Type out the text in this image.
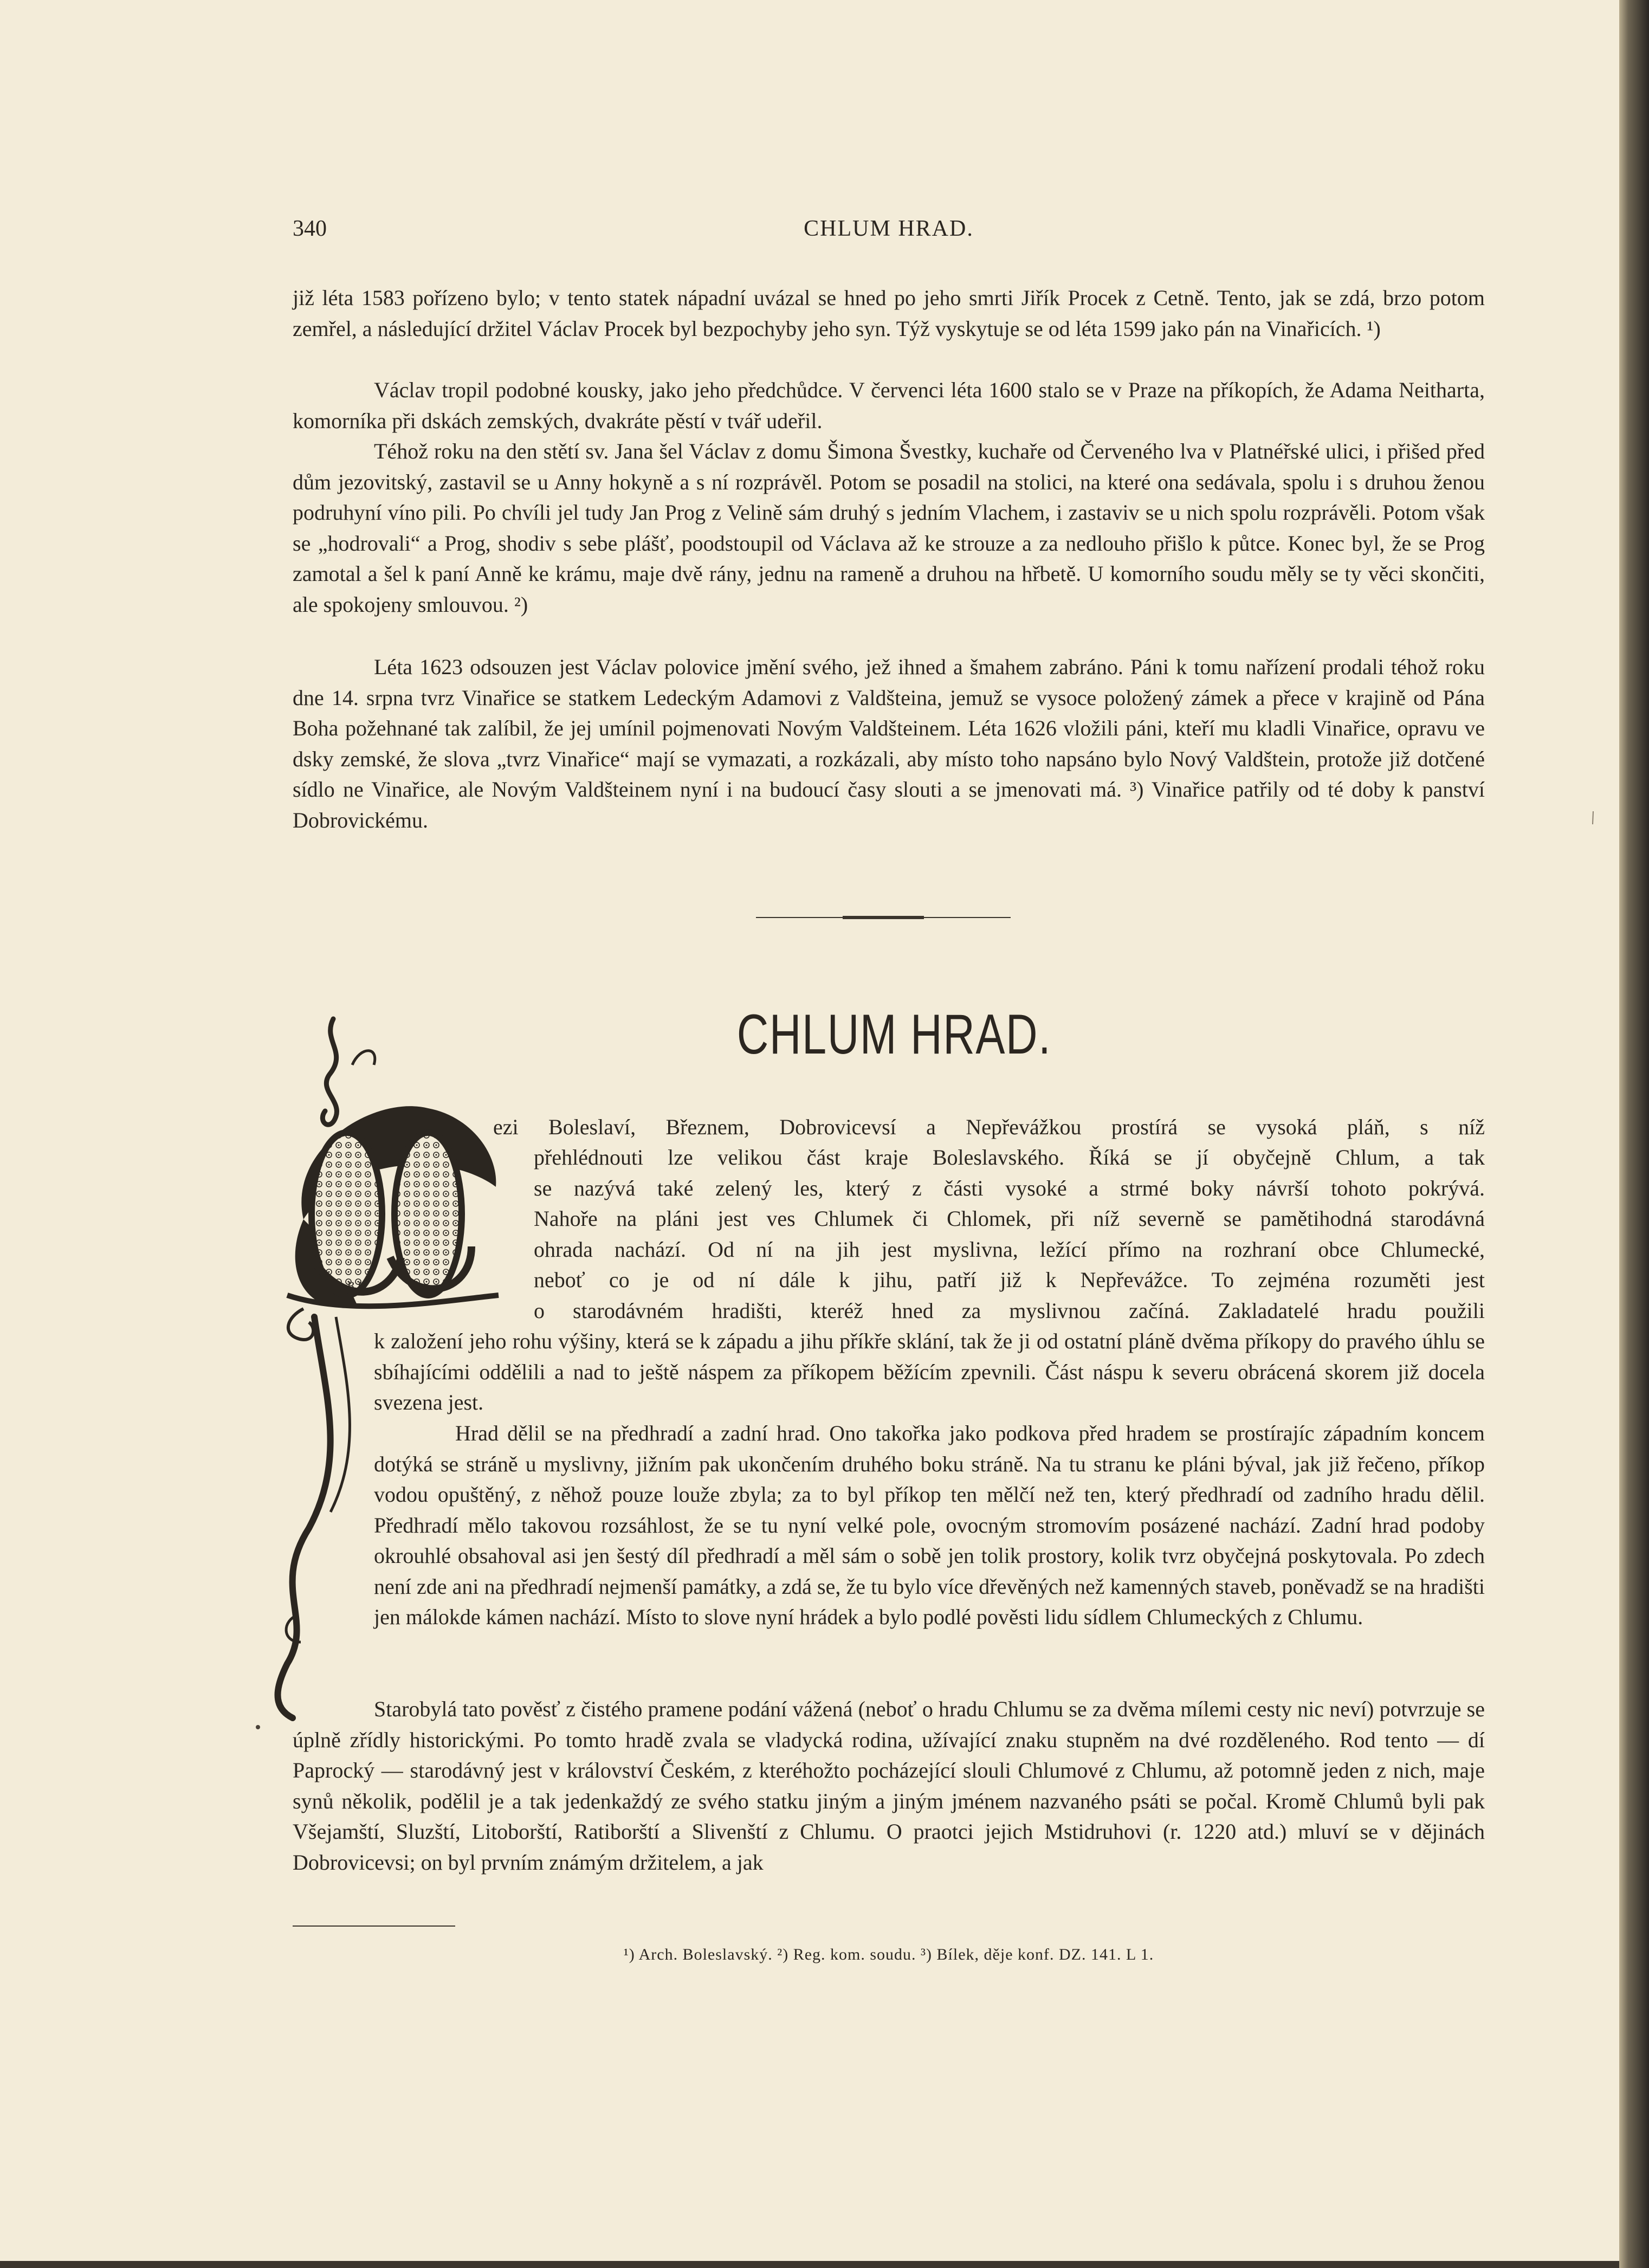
340	CHLUM HRAD.

již léta 1583 pořízeno bylo; v tento statek nápadní uvázal se hned po jeho smrti Jiřík Procek z Cetně. Tento, jak se zdá, brzo potom zemřel, a následující držitel Václav Procek byl bezpochyby jeho syn. Týž vyskytuje se od léta 1599 jako pán na Vinařicích. ¹)

Václav tropil podobné kousky, jako jeho předchůdce. V červenci léta 1600 stalo se v Praze na příkopích, že Adama Neitharta, komorníka při dskách zemských, dvakráte pěstí v tvář udeřil.

Téhož roku na den stětí sv. Jana šel Václav z domu Šimona Švestky, kuchaře od Červeného lva v Platnéřské ulici, i přišed před dům jezovitský, zastavil se u Anny hokyně a s ní rozprávěl. Potom se posadil na stolici, na které ona sedávala, spolu i s druhou ženou podruhyní víno pili. Po chvíli jel tudy Jan Prog z Velině sám druhý s jedním Vlachem, i zastaviv se u nich spolu rozprávěli. Potom však se „hodrovali“ a Prog, shodiv s sebe plášť, poodstoupil od Václava až ke strouze a za nedlouho přišlo k půtce. Konec byl, že se Prog zamotal a šel k paní Anně ke krámu, maje dvě rány, jednu na rameně a druhou na hřbetě. U komorního soudu měly se ty věci skončiti, ale spokojeny smlouvou. ²)

Léta 1623 odsouzen jest Václav polovice jmění svého, jež ihned a šmahem zabráno. Páni k tomu nařízení prodali téhož roku dne 14. srpna tvrz Vinařice se statkem Ledeckým Adamovi z Valdšteina, jemuž se vysoce položený zámek a přece v krajině od Pána Boha požehnané tak zalíbil, že jej umínil pojmenovati Novým Valdšteinem. Léta 1626 vložili páni, kteří mu kladli Vinařice, opravu ve dsky zemské, že slova „tvrz Vinařice“ mají se vymazati, a rozkázali, aby místo toho napsáno bylo Nový Valdštein, protože již dotčené sídlo ne Vinařice, ale Novým Valdšteinem nyní i na budoucí časy slouti a se jmenovati má. ³) Vinařice patřily od té doby k panství Dobrovickému.

CHLUM HRAD.
B.K.

ezi Boleslaví, Březnem, Dobrovicevsí a Nepřevážkou prostírá se vysoká pláň, s níž

přehlédnouti lze velikou část kraje Boleslavského. Říká se jí obyčejně Chlum, a tak

se nazývá také zelený les, který z části vysoké a strmé boky návrší tohoto pokrývá.

Nahoře na pláni jest ves Chlumek či Chlomek, při níž severně se pamětihodná starodávná

ohrada nachází. Od ní na jih jest myslivna, ležící přímo na rozhraní obce Chlumecké,

neboť co je od ní dále k jihu, patří již k Nepřevážce. To zejména rozuměti jest

o starodávném hradišti, kteréž hned za myslivnou začíná. Zakladatelé hradu použili

k založení jeho rohu výšiny, která se k západu a jihu příkře sklání, tak že ji od ostatní pláně dvěma příkopy do pravého úhlu se sbíhajícími oddělili a nad to ještě náspem za příkopem běžícím zpevnili. Část náspu k severu obrácená skorem již docela svezena jest.

Hrad dělil se na předhradí a zadní hrad. Ono takořka jako podkova před hradem se prostírajíc západním koncem dotýká se stráně u myslivny, jižním pak ukončením druhého boku stráně. Na tu stranu ke pláni býval, jak již řečeno, příkop vodou opuštěný, z něhož pouze louže zbyla; za to byl příkop ten mělčí než ten, který předhradí od zadního hradu dělil. Předhradí mělo takovou rozsáhlost, že se tu nyní velké pole, ovocným stromovím posázené nachází. Zadní hrad podoby okrouhlé obsahoval asi jen šestý díl předhradí a měl sám o sobě jen tolik prostory, kolik tvrz obyčejná poskytovala. Po zdech není zde ani na předhradí nejmenší památky, a zdá se, že tu bylo více dřevěných než kamenných staveb, poněvadž se na hradišti jen málokde kámen nachází. Místo to slove nyní hrádek a bylo podlé pověsti lidu sídlem Chlumeckých z Chlumu.

Starobylá tato pověsť z čistého pramene podání vážená (neboť o hradu Chlumu se za dvěma mílemi cesty nic neví) potvrzuje se úplně zřídly historickými. Po tomto hradě zvala se vladycká rodina, užívající znaku stupněm na dvé rozděleného. Rod tento — dí Paprocký — starodávný jest v království Českém, z kteréhožto pocházející slouli Chlumové z Chlumu, až potomně jeden z nich, maje synů několik, podělil je a tak jedenkaždý ze svého statku jiným a jiným jménem nazvaného psáti se počal. Kromě Chlumů byli pak Všejamští, Sluzští, Litoborští, Ratiborští a Slivenští z Chlumu. O praotci jejich Mstidruhovi (r. 1220 atd.) mluví se v dějinách Dobrovicevsi; on byl prvním známým držitelem, a jak

¹) Arch. Boleslavský. ²) Reg. kom. soudu. ³) Bílek, děje konf. DZ. 141. L 1.
